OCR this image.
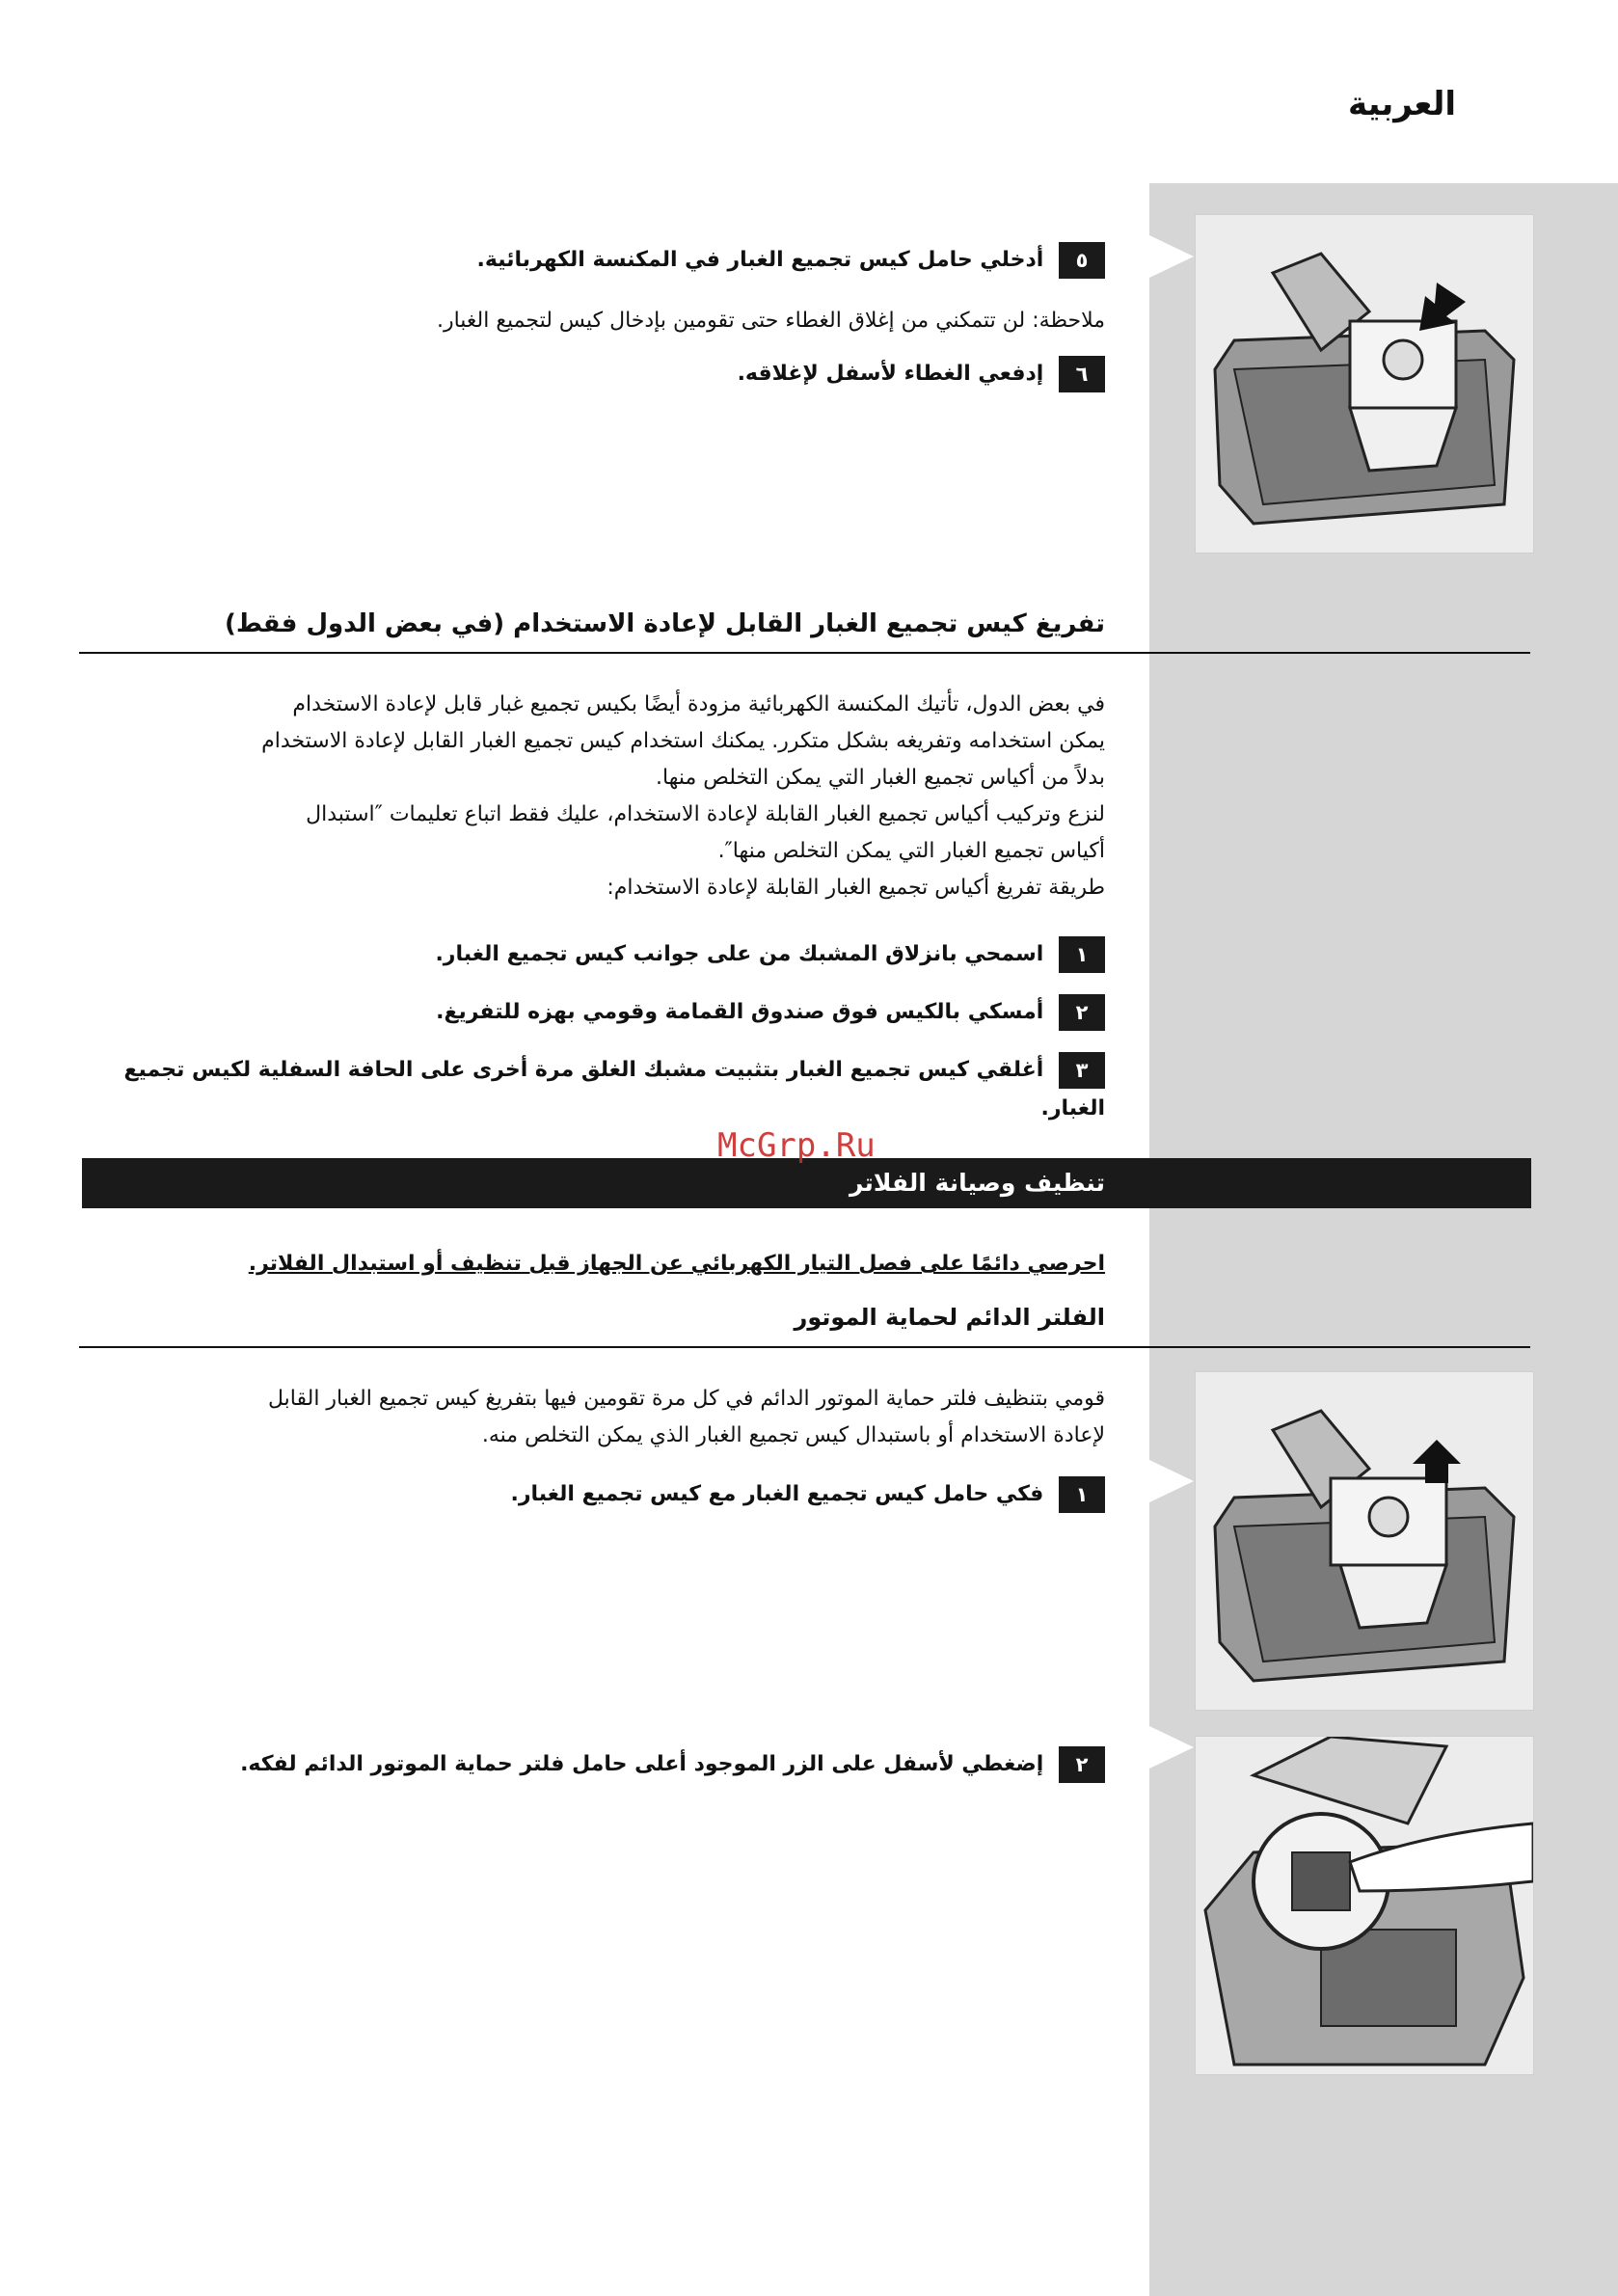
العربية
٥ أدخلي حامل كيس تجميع الغبار في المكنسة الكهربائية.
ملاحظة: لن تتمكني من إغلاق الغطاء حتى تقومين بإدخال كيس لتجميع الغبار.
٦ إدفعي الغطاء لأسفل لإغلاقه.
تفريغ كيس تجميع الغبار القابل لإعادة الاستخدام (في بعض الدول فقط)
في بعض الدول، تأتيك المكنسة الكهربائية مزودة أيضًا بكيس تجميع غبار قابل لإعادة الاستخدام
يمكن استخدامه وتفريغه بشكل متكرر. يمكنك استخدام كيس تجميع الغبار القابل لإعادة الاستخدام
بدلاً من أكياس تجميع الغبار التي يمكن التخلص منها.
لنزع وتركيب أكياس تجميع الغبار القابلة لإعادة الاستخدام، عليك فقط اتباع تعليمات ″استبدال
أكياس تجميع الغبار التي يمكن التخلص منها″.
طريقة تفريغ أكياس تجميع الغبار القابلة لإعادة الاستخدام:
١ اسمحي بانزلاق المشبك من على جوانب كيس تجميع الغبار.
٢ أمسكي بالكيس فوق صندوق القمامة وقومي بهزه للتفريغ.
٣ أغلقي كيس تجميع الغبار بتثبيت مشبك الغلق مرة أخرى على الحافة السفلية لكيس تجميع
الغبار.
تنظيف وصيانة الفلاتر
McGrp.Ru
احرصي دائمًا على فصل التيار الكهربائي عن الجهاز قبل تنظيف أو استبدال الفلاتر.
الفلتر الدائم لحماية الموتور
قومي بتنظيف فلتر حماية الموتور الدائم في كل مرة تقومين فيها بتفريغ كيس تجميع الغبار القابل
لإعادة الاستخدام أو باستبدال كيس تجميع الغبار الذي يمكن التخلص منه.
١ فكي حامل كيس تجميع الغبار مع كيس تجميع الغبار.
٢ إضغطي لأسفل على الزر الموجود أعلى حامل فلتر حماية الموتور الدائم لفكه.
